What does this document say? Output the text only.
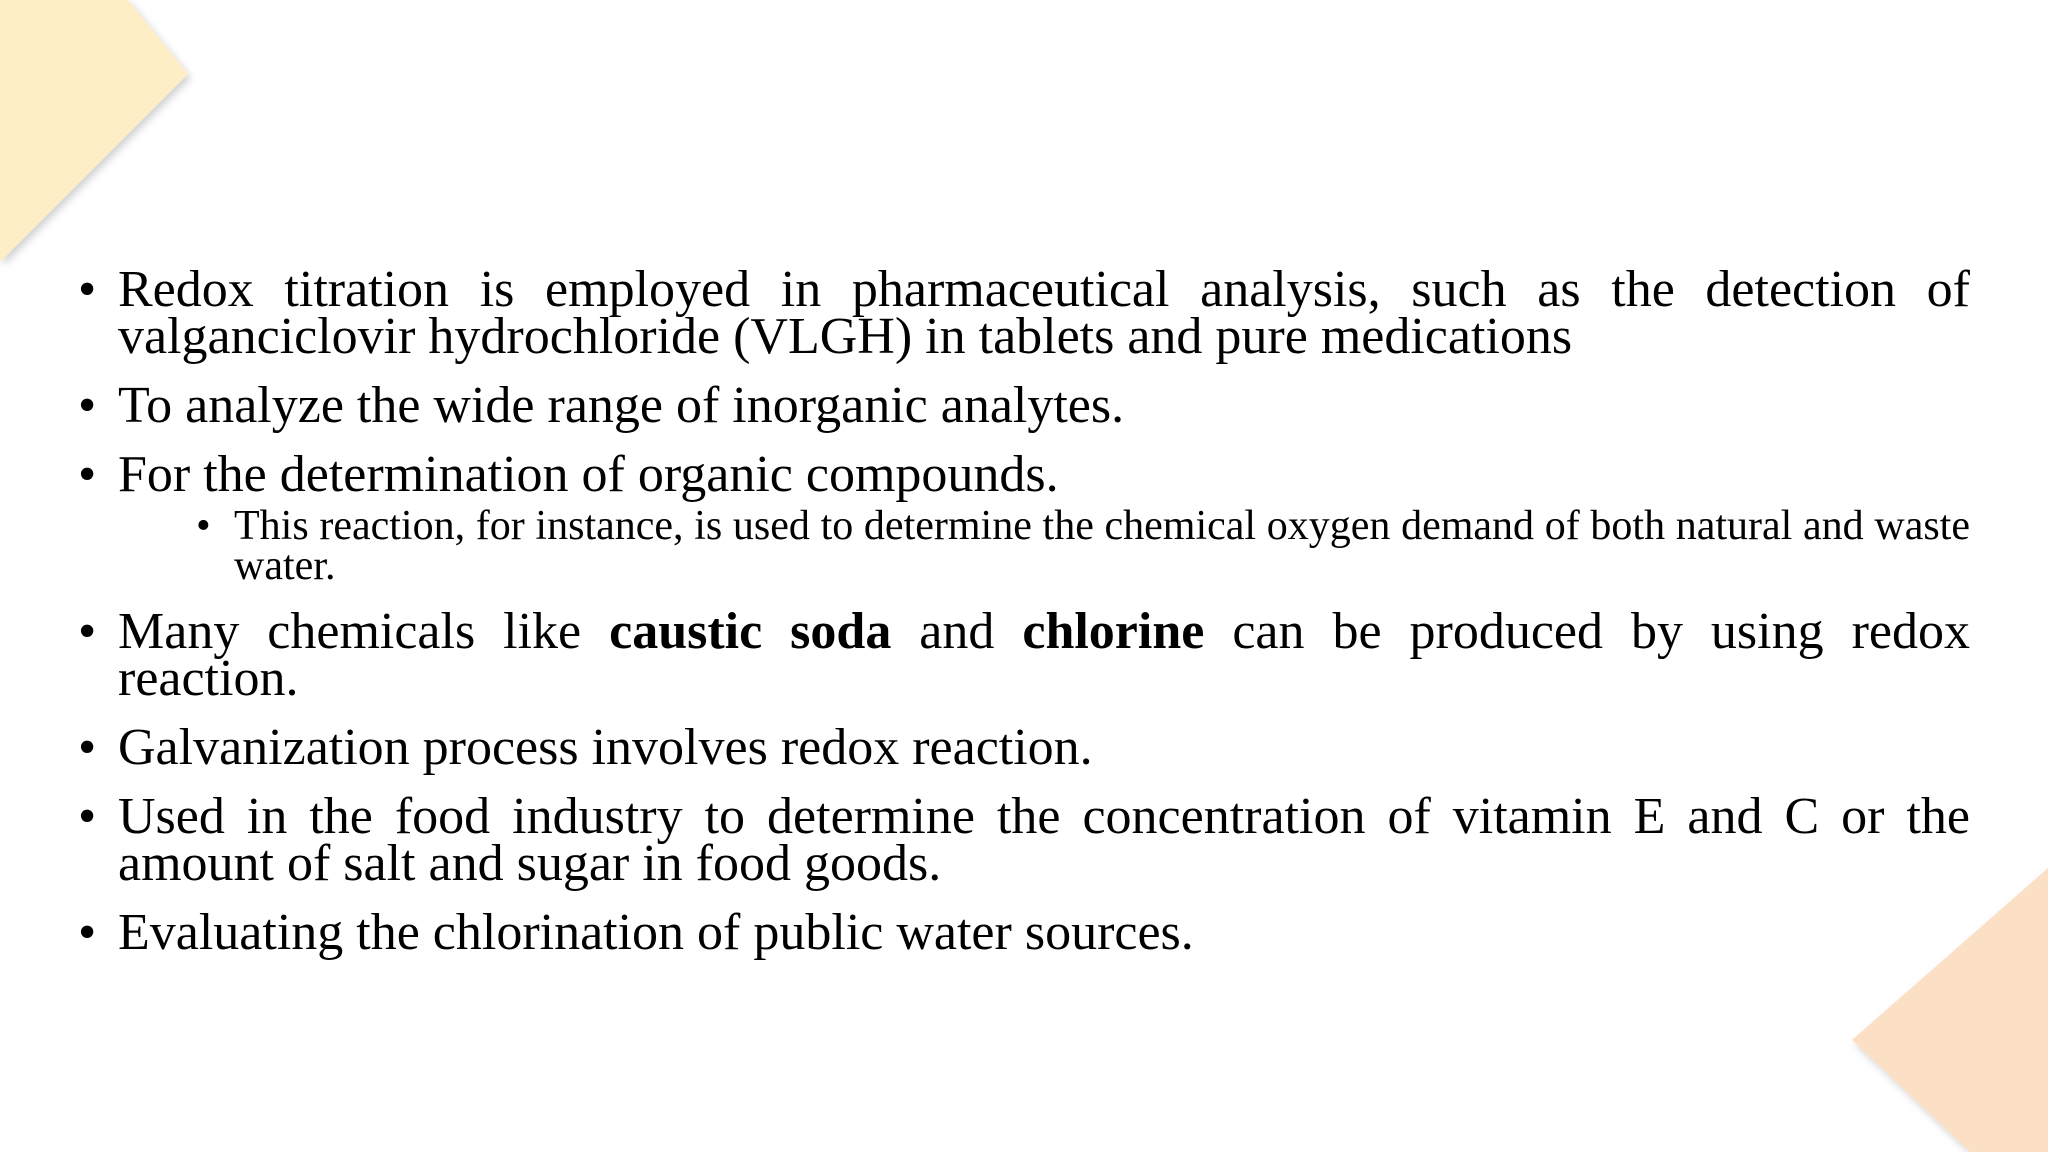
• Redox titration is employed in pharmaceutical analysis, such as the detection of valganciclovir hydrochloride (VLGH) in tablets and pure medications
• To analyze the wide range of inorganic analytes.
• For the determination of organic compounds.
• This reaction, for instance, is used to determine the chemical oxygen demand of both natural and waste water.
• Many chemicals like caustic soda and chlorine can be produced by using redox reaction.
• Galvanization process involves redox reaction.
• Used in the food industry to determine the concentration of vitamin E and C or the amount of salt and sugar in food goods.
• Evaluating the chlorination of public water sources.
